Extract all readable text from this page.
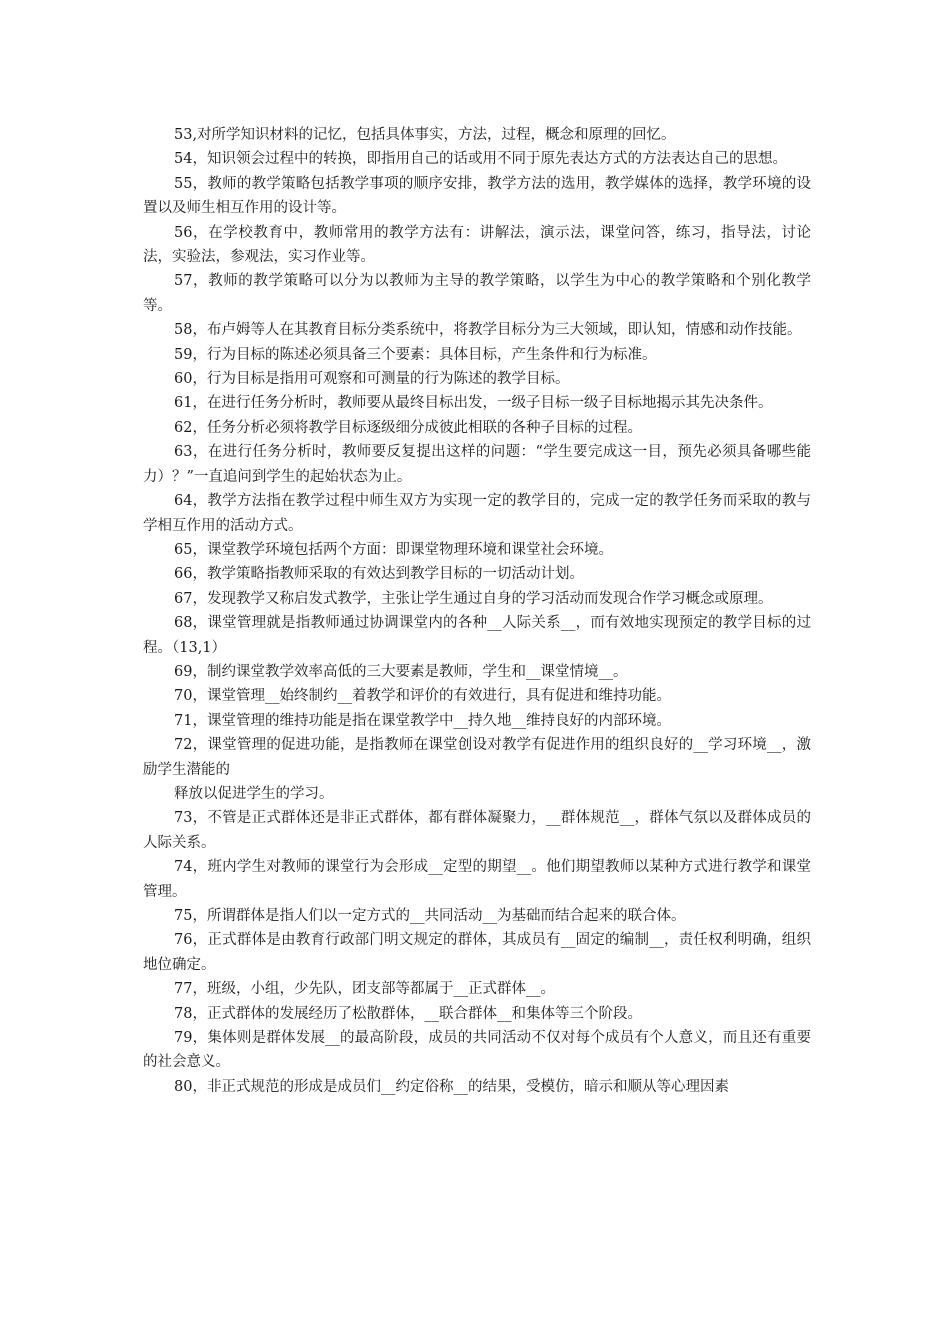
53,对所学知识材料的记忆，包括具体事实，方法，过程，概念和原理的回忆。

54，知识领会过程中的转换，即指用自己的话或用不同于原先表达方式的方法表达自己的思想。

55，教师的教学策略包括教学事项的顺序安排，教学方法的选用，教学媒体的选择，教学环境的设置以及师生相互作用的设计等。

56，在学校教育中，教师常用的教学方法有：讲解法，演示法，课堂问答，练习，指导法，讨论法，实验法，参观法，实习作业等。

57，教师的教学策略可以分为以教师为主导的教学策略，以学生为中心的教学策略和个别化教学等。

58，布卢姆等人在其教育目标分类系统中，将教学目标分为三大领域，即认知，情感和动作技能。

59，行为目标的陈述必须具备三个要素：具体目标，产生条件和行为标准。

60，行为目标是指用可观察和可测量的行为陈述的教学目标。

61，在进行任务分析时，教师要从最终目标出发，一级子目标一级子目标地揭示其先决条件。

62，任务分析必须将教学目标逐级细分成彼此相联的各种子目标的过程。

63，在进行任务分析时，教师要反复提出这样的问题：“学生要完成这一目，预先必须具备哪些能力）？”一直追问到学生的起始状态为止。

64，教学方法指在教学过程中师生双方为实现一定的教学目的，完成一定的教学任务而采取的教与学相互作用的活动方式。

65，课堂教学环境包括两个方面：即课堂物理环境和课堂社会环境。

66，教学策略指教师采取的有效达到教学目标的一切活动计划。

67，发现教学又称启发式教学，主张让学生通过自身的学习活动而发现合作学习概念或原理。

68，课堂管理就是指教师通过协调课堂内的各种__人际关系__，而有效地实现预定的教学目标的过程。（13,1）

69，制约课堂教学效率高低的三大要素是教师，学生和__课堂情境__。

70，课堂管理__始终制约__着教学和评价的有效进行，具有促进和维持功能。

71，课堂管理的维持功能是指在课堂教学中__持久地__维持良好的内部环境。

72，课堂管理的促进功能，是指教师在课堂创设对教学有促进作用的组织良好的__学习环境__，激励学生潜能的

释放以促进学生的学习。

73，不管是正式群体还是非正式群体，都有群体凝聚力，__群体规范__，群体气氛以及群体成员的人际关系。

74，班内学生对教师的课堂行为会形成__定型的期望__。他们期望教师以某种方式进行教学和课堂管理。

75，所谓群体是指人们以一定方式的__共同活动__为基础而结合起来的联合体。

76，正式群体是由教育行政部门明文规定的群体，其成员有__固定的编制__，责任权利明确，组织地位确定。

77，班级，小组，少先队，团支部等都属于__正式群体__。

78，正式群体的发展经历了松散群体，__联合群体__和集体等三个阶段。

79，集体则是群体发展__的最高阶段，成员的共同活动不仅对每个成员有个人意义，而且还有重要的社会意义。

80，非正式规范的形成是成员们__约定俗称__的结果，受模仿，暗示和顺从等心理因素
